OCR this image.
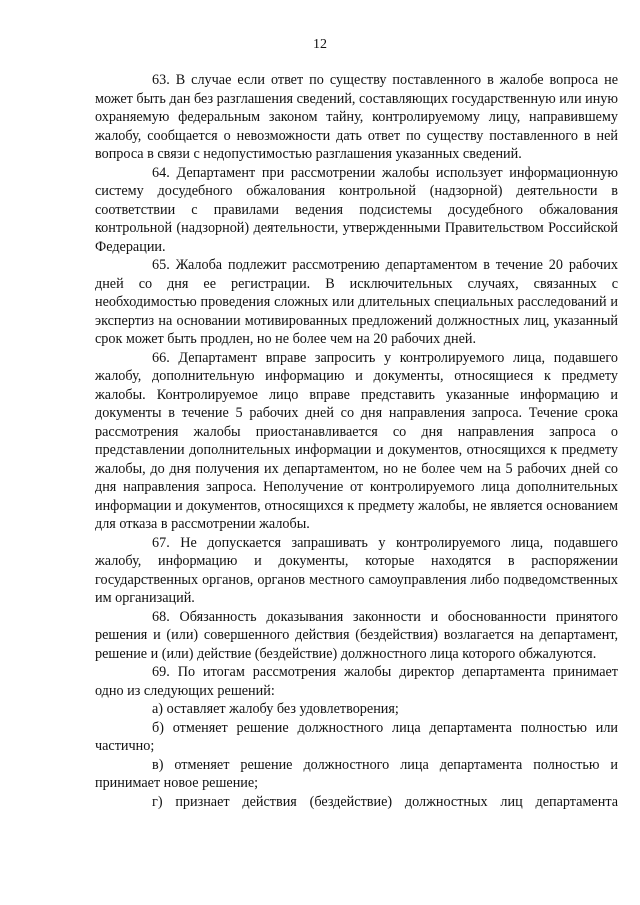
12

63. В случае если ответ по существу поставленного в жалобе вопроса не может быть дан без разглашения сведений, составляющих государственную или иную охраняемую федеральным законом тайну, контролируемому лицу, направившему жалобу, сообщается о невозможности дать ответ по существу поставленного в ней вопроса в связи с недопустимостью разглашения указанных сведений.

64. Департамент при рассмотрении жалобы использует информационную систему досудебного обжалования контрольной (надзорной) деятельности в соответствии с правилами ведения подсистемы досудебного обжалования контрольной (надзорной) деятельности, утвержденными Правительством Российской Федерации.

65. Жалоба подлежит рассмотрению департаментом в течение 20 рабочих дней со дня ее регистрации. В исключительных случаях, связанных с необходимостью проведения сложных или длительных специальных расследований и экспертиз на основании мотивированных предложений должностных лиц, указанный срок может быть продлен, но не более чем на 20 рабочих дней.

66. Департамент вправе запросить у контролируемого лица, подавшего жалобу, дополнительную информацию и документы, относящиеся к предмету жалобы. Контролируемое лицо вправе представить указанные информацию и документы в течение 5 рабочих дней со дня направления запроса. Течение срока рассмотрения жалобы приостанавливается со дня направления запроса о представлении дополнительных информации и документов, относящихся к предмету жалобы, до дня получения их департаментом, но не более чем на 5 рабочих дней со дня направления запроса. Неполучение от контролируемого лица дополнительных информации и документов, относящихся к предмету жалобы, не является основанием для отказа в рассмотрении жалобы.

67. Не допускается запрашивать у контролируемого лица, подавшего жалобу, информацию и документы, которые находятся в распоряжении государственных органов, органов местного самоуправления либо подведомственных им организаций.

68. Обязанность доказывания законности и обоснованности принятого решения и (или) совершенного действия (бездействия) возлагается на департамент, решение и (или) действие (бездействие) должностного лица которого обжалуются.

69. По итогам рассмотрения жалобы директор департамента принимает одно из следующих решений:

а) оставляет жалобу без удовлетворения;

б) отменяет решение должностного лица департамента полностью или частично;

в) отменяет решение должностного лица департамента полностью и принимает новое решение;

г) признает действия (бездействие) должностных лиц департамента
